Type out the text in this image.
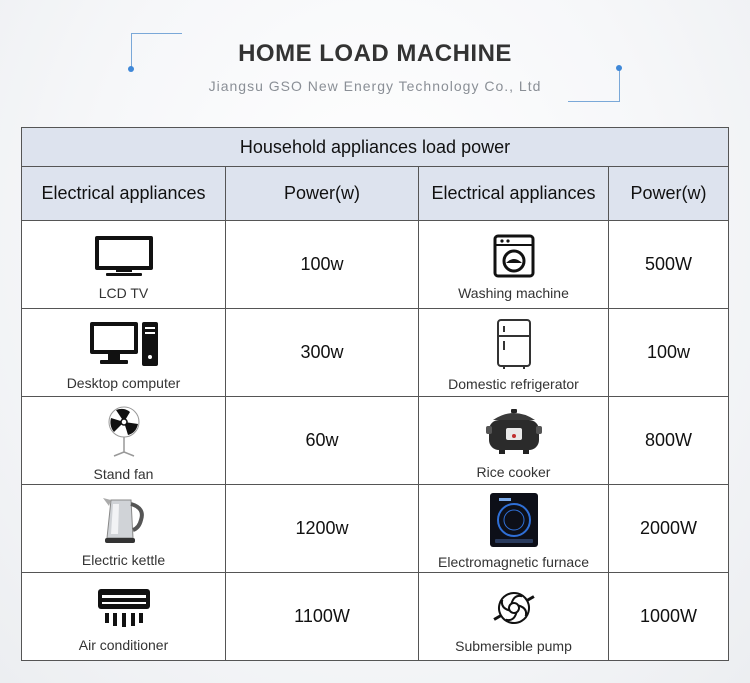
HOME LOAD MACHINE
Jiangsu GSO New Energy Technology Co., Ltd
Household appliances load power			
Electrical appliances	Power(w)	Electrical appliances	Power(w)

LCD TV	100w	Washing machine	500W

Desktop computer	300w	Domestic refrigerator	100w

Stand fan	60w	Rice cooker	800W

Electric kettle	1200w	Electromagnetic furnace	2000W

Air conditioner	1100W	Submersible pump	1000W
